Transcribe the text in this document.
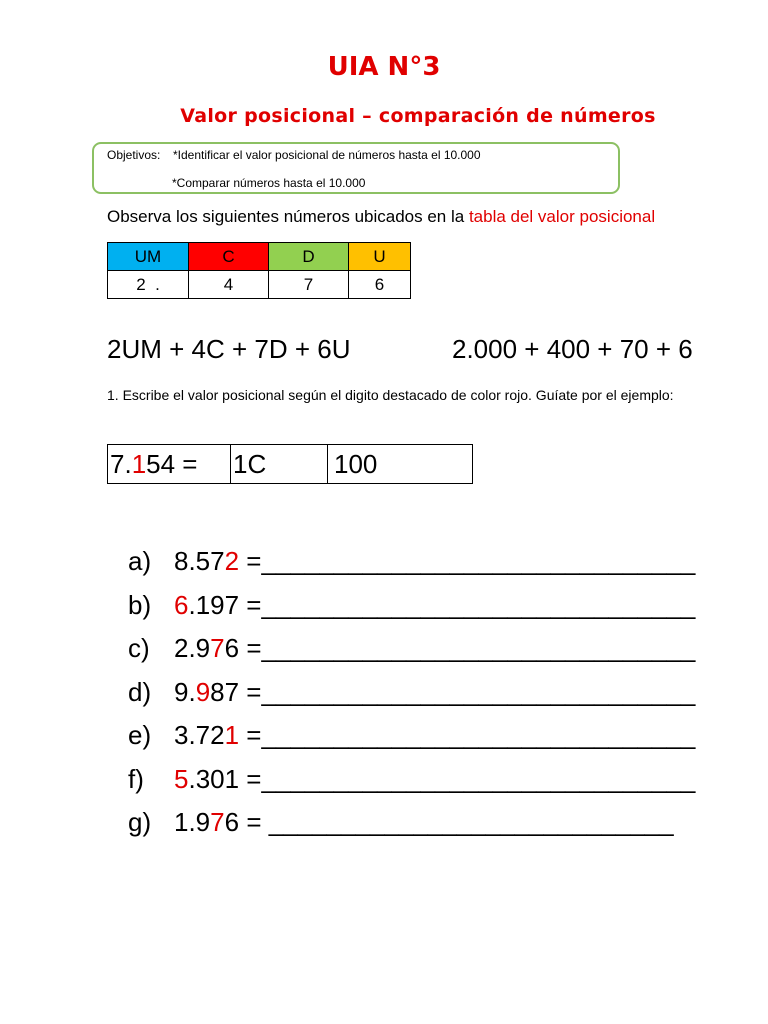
UIA N°3
Valor posicional – comparación de números
Objetivos: *Identificar el valor posicional de números hasta el 10.000
*Comparar números hasta el 10.000
Observa los siguientes números ubicados en la tabla del valor posicional
UM	C	D	U
2  .	4	7	6
2UM + 4C + 7D + 6U	2.000 + 400 + 70 + 6
1. Escribe el valor posicional según el digito destacado de color rojo. Guíate por el ejemplo:
7.154 =	1C	100
a) 8.572 =______________________________
b) 6.197 =______________________________
c) 2.976 =______________________________
d) 9.987 =______________________________
e) 3.721 =______________________________
f) 5.301 =______________________________
g) 1.976 = ____________________________
